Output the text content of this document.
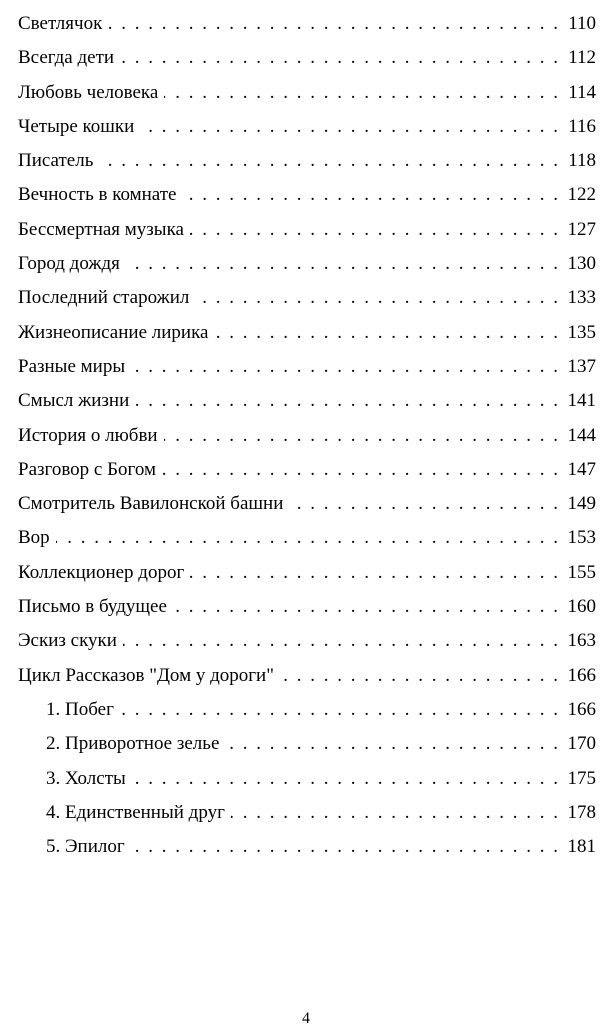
Светлячок . . .	110
Всегда дети . . .	112
Любовь человека . . .	114
Четыре кошки . . .	116
Писатель . . .	118
Вечность в комнате . . .	122
Бессмертная музыка . . .	127
Город дождя . . .	130
Последний старожил . . .	133
Жизнеописание лирика . . .	135
Разные миры . . .	137
Смысл жизни . . .	141
История о любви . . .	144
Разговор с Богом . . .	147
Смотритель Вавилонской башни . . .	149
Вор . . .	153
Коллекционер дорог . . .	155
Письмо в будущее . . .	160
Эскиз скуки . . .	163
Цикл Рассказов "Дом у дороги" . . .	166
1. Побег . . .	166
2. Приворотное зелье . . .	170
3. Холсты . . .	175
4. Единственный друг . . .	178
5. Эпилог . . .	181
4
